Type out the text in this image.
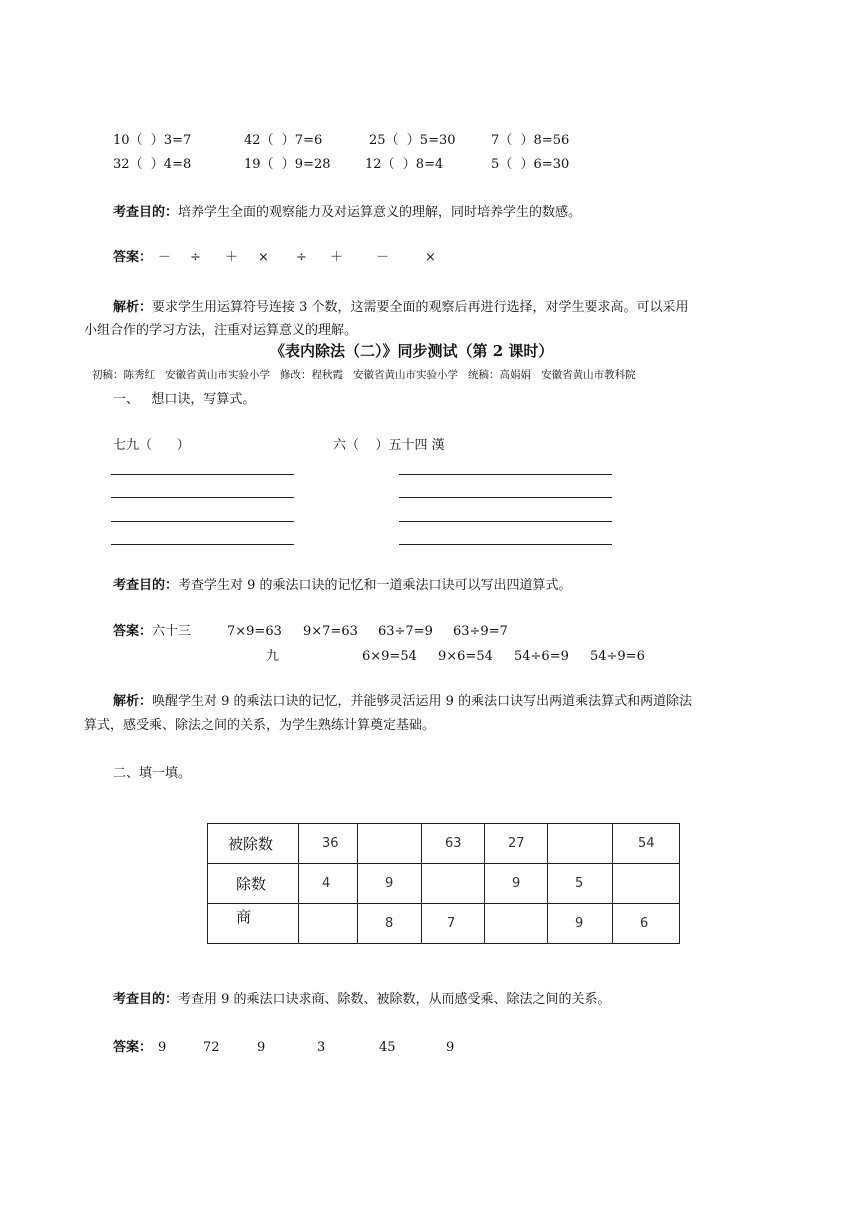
10（  ）3=7	42（  ）7=6	25（  ）5=30	7（  ）8=56
32（  ）4=8	19（  ）9=28	12（  ）8=4	5（  ）6=30
考查目的：培养学生全面的观察能力及对运算意义的理解，同时培养学生的数感。
答案： － ÷ ＋ × ÷ ＋	－	×
解析：要求学生用运算符号连接 3 个数，这需要全面的观察后再进行选择，对学生要求高。可以采用
小组合作的学习方法，注重对运算意义的理解。
《表内除法（二）》同步测试（第 2 课时）
初稿：陈秀红   安徽省黄山市实验小学   修改：程秋霞   安徽省黄山市实验小学   统稿：高娟娟   安徽省黄山市教科院
一、   想口诀，写算式。
七九（      ）	六（    ）五十四 漢
考查目的：考查学生对 9 的乘法口诀的记忆和一道乘法口诀可以写出四道算式。
答案：六十三	7×9=63 9×7=63 63÷7=9 63÷9=7
九	6×9=54 9×6=54 54÷6=9 54÷9=6
解析：唤醒学生对 9 的乘法口诀的记忆，并能够灵活运用 9 的乘法口诀写出两道乘法算式和两道除法
算式，感受乘、除法之间的关系，为学生熟练计算奠定基础。
二、填一填。
被除数	36		63	27		54
除数	4	9		9	5	
商		8	7		9	6
考查目的：考查用 9 的乘法口诀求商、除数、被除数，从而感受乘、除法之间的关系。
答案： 9	72	9	3	45	9
